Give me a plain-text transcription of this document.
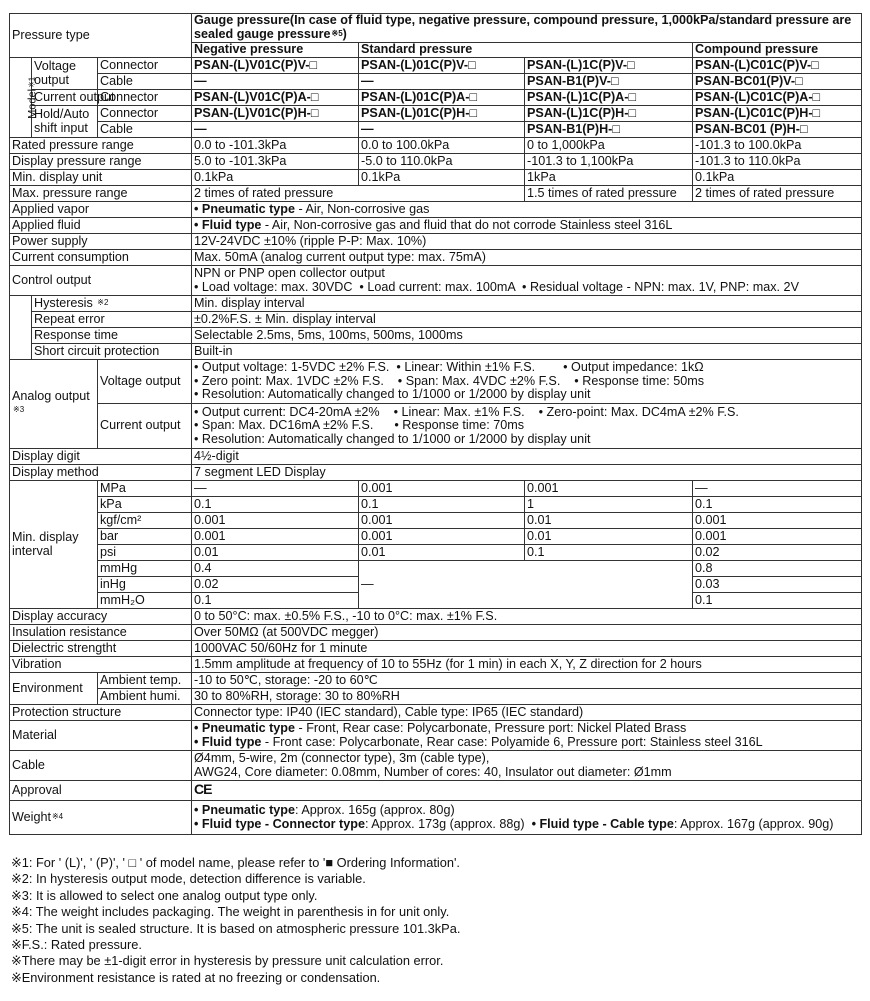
Pressure type			Gauge pressure(In case of fluid type, negative pressure, compound pressure, 1,000kPa/standard pressure are sealed gauge pressure$^{※5}$)			
			Negative pressure	Standard pressure		Compound pressure
Model$^{※1}$	Voltage
output	Connector	PSAN-(L)V01C(P)V-□	PSAN-(L)01C(P)V-□	PSAN-(L)1C(P)V-□	PSAN-(L)C01C(P)V-□
		Cable	—	—	PSAN-B1(P)V-□	PSAN-BC01(P)V-□
	Current output	Connector	PSAN-(L)V01C(P)A-□	PSAN-(L)01C(P)A-□	PSAN-(L)1C(P)A-□	PSAN-(L)C01C(P)A-□
	Hold/Auto
shift input	Connector	PSAN-(L)V01C(P)H-□	PSAN-(L)01C(P)H-□	PSAN-(L)1C(P)H-□	PSAN-(L)C01C(P)H-□
		Cable	—	—	PSAN-B1(P)H-□	PSAN-BC01 (P)H-□
Rated pressure range			0.0 to -101.3kPa	0.0 to 100.0kPa	0 to 1,000kPa	-101.3 to 100.0kPa
Display pressure range			5.0 to -101.3kPa	-5.0 to 110.0kPa	-101.3 to 1,100kPa	-101.3 to 110.0kPa
Min. display unit			0.1kPa	0.1kPa	1kPa	0.1kPa
Max. pressure range			2 times of rated pressure		1.5 times of rated pressure	2 times of rated pressure
Applied vapor			• Pneumatic type - Air, Non-corrosive gas			
Applied fluid			• Fluid type - Air, Non-corrosive gas and fluid that do not corrode Stainless steel 316L			
Power supply			12V-24VDC ±10% (ripple P-P: Max. 10%)			
Current consumption			Max. 50mA (analog current output type: max. 75mA)			
Control output			NPN or PNP open collector output
• Load voltage: max. 30VDC  • Load current: max. 100mA  • Residual voltage - NPN: max. 1V, PNP: max. 2V			
	Hysteresis $^{※2}$		Min. display interval			
	Repeat error		±0.2%F.S. ± Min. display interval			
	Response time		Selectable 2.5ms, 5ms, 100ms, 500ms, 1000ms			
	Short circuit protection		Built-in			
Analog output
$^{※3}$		Voltage output	• Output voltage: 1-5VDC ±2% F.S.  • Linear: Within ±1% F.S.        • Output impedance: 1kΩ
• Zero point: Max. 1VDC ±2% F.S.    • Span: Max. 4VDC ±2% F.S.    • Response time: 50ms
• Resolution: Automatically changed to 1/1000 or 1/2000 by display unit			
		Current output	• Output current: DC4-20mA ±2%    • Linear: Max. ±1% F.S.    • Zero-point: Max. DC4mA ±2% F.S.
• Span: Max. DC16mA ±2% F.S.      • Response time: 70ms
• Resolution: Automatically changed to 1/1000 or 1/2000 by display unit			
Display digit			4½-digit			
Display method			7 segment LED Display			
Min. display
interval		MPa	—	0.001	0.001	—
		kPa	0.1	0.1	1	0.1
		kgf/cm²	0.001	0.001	0.01	0.001
		bar	0.001	0.001	0.01	0.001
		psi	0.01	0.01	0.1	0.02
		mmHg	0.4	—		0.8
		inHg	0.02			0.03
		mmH₂O	0.1			0.1
Display accuracy			0 to 50°C: max. ±0.5% F.S., -10 to 0°C: max. ±1% F.S.			
Insulation resistance			Over 50MΩ (at 500VDC megger)			
Dielectric strengtht			1000VAC 50/60Hz for 1 minute			
Vibration			1.5mm amplitude at frequency of 10 to 55Hz (for 1 min) in each X, Y, Z direction for 2 hours			
Environment		Ambient temp.	-10 to 50℃, storage: -20 to 60℃			
		Ambient humi.	30 to 80%RH, storage: 30 to 80%RH			
Protection structure			Connector type: IP40 (IEC standard), Cable type: IP65 (IEC standard)			
Material			• Pneumatic type - Front, Rear case: Polycarbonate, Pressure port: Nickel Plated Brass
• Fluid type - Front case: Polycarbonate, Rear case: Polyamide 6, Pressure port: Stainless steel 316L			
Cable			Ø4mm, 5-wire, 2m (connector type), 3m (cable type),
AWG24, Core diameter: 0.08mm, Number of cores: 40, Insulator out diameter: Ø1mm			
Approval			CE			
Weight$^{※4}$			• Pneumatic type: Approx. 165g (approx. 80g)
• Fluid type - Connector type: Approx. 173g (approx. 88g)  • Fluid type - Cable type: Approx. 167g (approx. 90g)			
※1: For ' (L)', ' (P)', ' □ ' of model name, please refer to '■ Ordering Information'.
※2: In hysteresis output mode, detection difference is variable.
※3: It is allowed to select one analog output type only.
※4: The weight includes packaging. The weight in parenthesis in for unit only.
※5: The unit is sealed structure. It is based on atmospheric pressure 101.3kPa.
※F.S.: Rated pressure.
※There may be ±1-digit error in hysteresis by pressure unit calculation error.
※Environment resistance is rated at no freezing or condensation.
